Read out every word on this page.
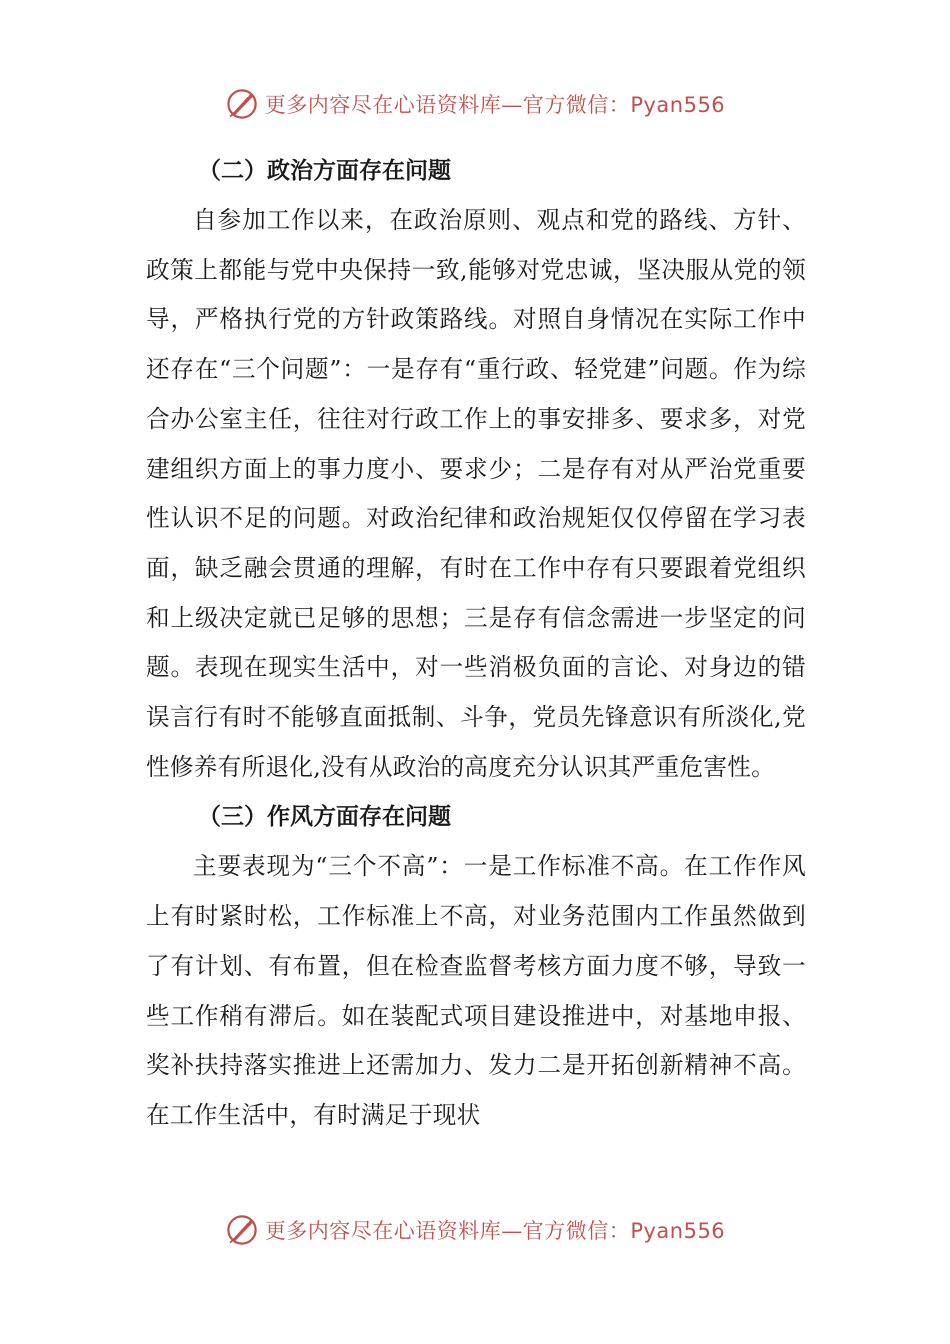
更多内容尽在心语资料库—官方微信：Pyan556
（二）政治方面存在问题

自参加工作以来，在政治原则、观点和党的路线、方针、政策上都能与党中央保持一致,能够对党忠诚，坚决服从党的领导，严格执行党的方针政策路线。对照自身情况在实际工作中还存在“三个问题”：一是存有“重行政、轻党建”问题。作为综合办公室主任，往往对行政工作上的事安排多、要求多，对党建组织方面上的事力度小、要求少；二是存有对从严治党重要性认识不足的问题。对政治纪律和政治规矩仅仅停留在学习表面，缺乏融会贯通的理解，有时在工作中存有只要跟着党组织和上级决定就已足够的思想；三是存有信念需进一步坚定的问题。表现在现实生活中，对一些消极负面的言论、对身边的错误言行有时不能够直面抵制、斗争，党员先锋意识有所淡化,党性修养有所退化,没有从政治的高度充分认识其严重危害性。

（三）作风方面存在问题

主要表现为“三个不高”：一是工作标准不高。在工作作风上有时紧时松，工作标准上不高，对业务范围内工作虽然做到了有计划、有布置，但在检查监督考核方面力度不够，导致一些工作稍有滞后。如在装配式项目建设推进中，对基地申报、奖补扶持落实推进上还需加力、发力二是开拓创新精神不高。在工作生活中，有时满足于现状

更多内容尽在心语资料库—官方微信：Pyan556
